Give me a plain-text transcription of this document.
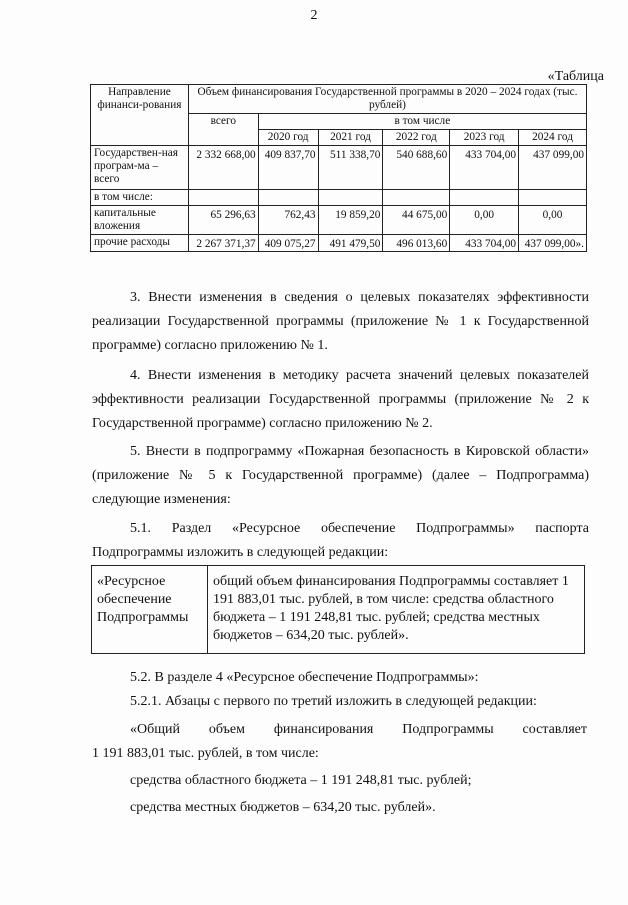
2
«Таблица
Направление финанси-рования	Объем финансирования Государственной программы в 2020 – 2024 годах (тыс. рублей)					
	всего	в том числе				
		2020 год	2021 год	2022 год	2023 год	2024 год
Государствен-ная програм-ма – всего	2 332 668,00	409 837,70	511 338,70	540 688,60	433 704,00	437 099,00
в том числе:						
капитальные вложения	65 296,63	762,43	19 859,20	44 675,00	0,00	0,00
прочие расходы	2 267 371,37	409 075,27	491 479,50	496 013,60	433 704,00	437 099,00».
3. Внести изменения в сведения о целевых показателях эффективности реализации Государственной программы (приложение № 1 к Государственной программе) согласно приложению № 1.
4. Внести изменения в методику расчета значений целевых показателей эффективности реализации Государственной программы (приложение № 2 к Государственной программе) согласно приложению № 2.
5. Внести в подпрограмму «Пожарная безопасность в Кировской области» (приложение № 5 к Государственной программе) (далее – Подпрограмма) следующие изменения:
5.1. Раздел «Ресурсное обеспечение Подпрограммы» паспорта Подпрограммы изложить в следующей редакции:
«Ресурсное обеспечение Подпрограммы	общий объем финансирования Подпрограммы составляет 1 191 883,01 тыс. рублей, в том числе: средства областного бюджета – 1 191 248,81 тыс. рублей; средства местных бюджетов – 634,20 тыс. рублей».
5.2. В разделе 4 «Ресурсное обеспечение Подпрограммы»:
5.2.1. Абзацы с первого по третий изложить в следующей редакции:
«Общий объем финансирования Подпрограммы составляет
1 191 883,01 тыс. рублей, в том числе:
средства областного бюджета – 1 191 248,81 тыс. рублей;
средства местных бюджетов – 634,20 тыс. рублей».
